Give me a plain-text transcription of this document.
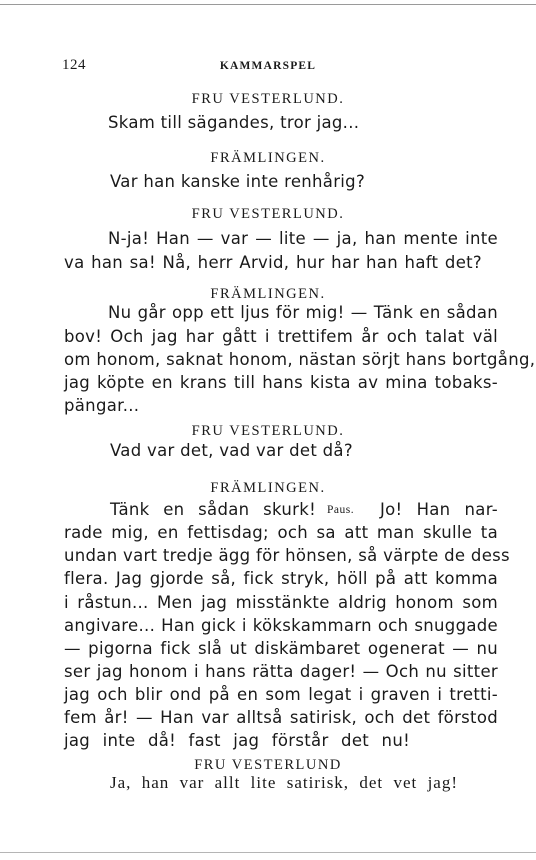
124	KAMMARSPEL
FRU VESTERLUND.
Skam till sägandes, tror jag...
FRÄMLINGEN.
Var han kanske inte renhårig?
FRU VESTERLUND.
N-ja! Han — var — lite — ja, han mente inte
va han sa! Nå, herr Arvid, hur har han haft det?
FRÄMLINGEN.
Nu går opp ett ljus för mig! — Tänk en sådan
bov! Och jag har gått i trettifem år och talat väl
om honom, saknat honom, nästan sörjt hans bortgång,
jag köpte en krans till hans kista av mina tobaks-
pängar...
FRU VESTERLUND.
Vad var det, vad var det då?
FRÄMLINGEN.
Tänk en sådan skurk! Paus. Jo! Han nar-
rade mig, en fettisdag; och sa att man skulle ta
undan vart tredje ägg för hönsen, så värpte de dess
flera. Jag gjorde så, fick stryk, höll på att komma
i råstun... Men jag misstänkte aldrig honom som
angivare... Han gick i kökskammarn och snuggade
— pigorna fick slå ut diskämbaret ogenerat — nu
ser jag honom i hans rätta dager! — Och nu sitter
jag och blir ond på en som legat i graven i tretti-
fem år! — Han var alltså satirisk, och det förstod
jag inte då! fast jag förstår det nu!
FRU VESTERLUND
Ja, han var allt lite satirisk, det vet jag!
